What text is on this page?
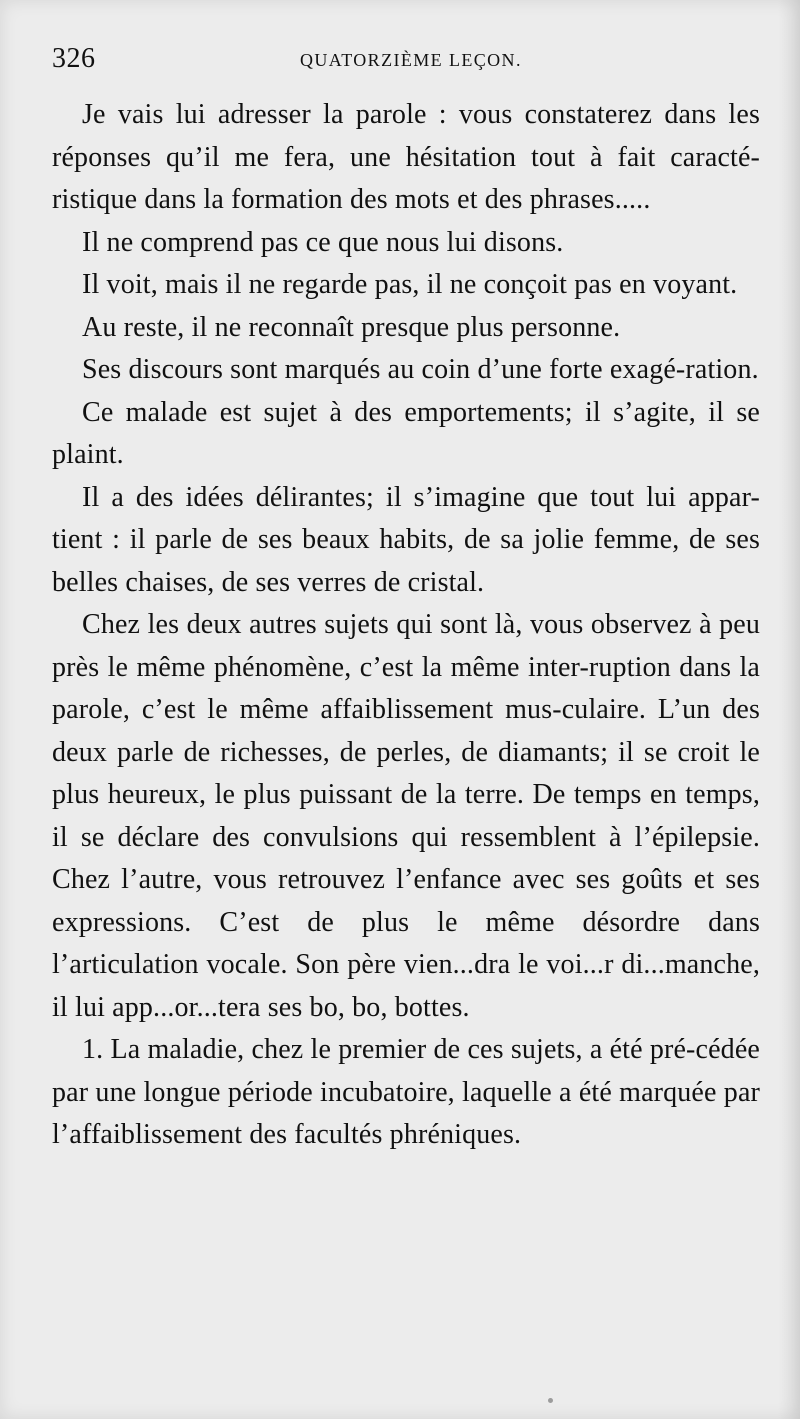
326	QUATORZIÈME LEÇON.

Je vais lui adresser la parole : vous constaterez dans les réponses qu’il me fera, une hésitation tout à fait caracté-ristique dans la formation des mots et des phrases.....

Il ne comprend pas ce que nous lui disons.

Il voit, mais il ne regarde pas, il ne conçoit pas en voyant.

Au reste, il ne reconnaît presque plus personne.

Ses discours sont marqués au coin d’une forte exagé-ration.

Ce malade est sujet à des emportements; il s’agite, il se plaint.

Il a des idées délirantes; il s’imagine que tout lui appar-tient : il parle de ses beaux habits, de sa jolie femme, de ses belles chaises, de ses verres de cristal.

Chez les deux autres sujets qui sont là, vous observez à peu près le même phénomène, c’est la même inter-ruption dans la parole, c’est le même affaiblissement mus-culaire. L’un des deux parle de richesses, de perles, de diamants; il se croit le plus heureux, le plus puissant de la terre. De temps en temps, il se déclare des convulsions qui ressemblent à l’épilepsie. Chez l’autre, vous retrouvez l’enfance avec ses goûts et ses expressions. C’est de plus le même désordre dans l’articulation vocale. Son père vien...dra le voi...r di...manche, il lui app...or...tera ses bo, bo, bottes.

1. La maladie, chez le premier de ces sujets, a été pré-cédée par une longue période incubatoire, laquelle a été marquée par l’affaiblissement des facultés phréniques.
